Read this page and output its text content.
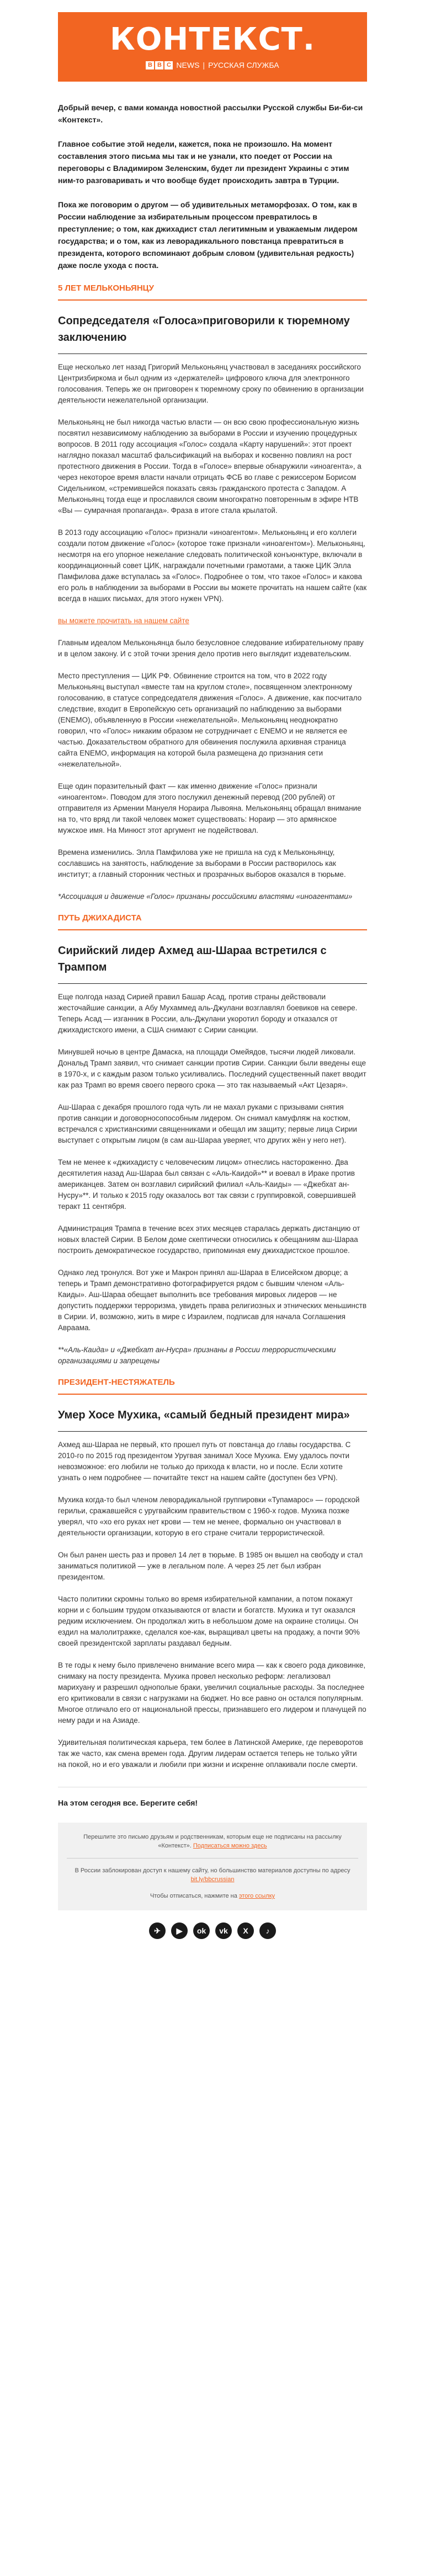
КОНТЕКСТ.
B B C NEWS | РУССКАЯ СЛУЖБА

Добрый вечер, с вами команда новостной рассылки Русской службы Би-би-си «Контекст».

Главное событие этой недели, кажется, пока не произошло. На момент составления этого письма мы так и не узнали, кто поедет от России на переговоры с Владимиром Зеленским, будет ли президент Украины с этим ним-то разговаривать и что вообще будет происходить завтра в Турции.

Пока же поговорим о другом — об удивительных метаморфозах. О том, как в России наблюдение за избирательным процессом превратилось в преступление; о том, как джихадист стал легитимным и уважаемым лидером государства; и о том, как из леворадикального повстанца превратиться в президента, которого вспоминают добрым словом (удивительная редкость) даже после ухода с поста.

5 ЛЕТ МЕЛЬКОНЬЯНЦУ
Сопредседателя «Голоса»приговорили к тюремному заключению

Еще несколько лет назад Григорий Мельконьянц участвовал в заседаниях российского Центризбиркома и был одним из «держателей» цифрового ключа для электронного голосования. Теперь же он приговорен к тюремному сроку по обвинению в организации деятельности нежелательной организации.

Мельконьянц не был никогда частью власти — он всю свою профессиональную жизнь посвятил независимому наблюдению за выборами в России и изучению процедурных вопросов. В 2011 году ассоциация «Голос» создала «Карту нарушений»: этот проект наглядно показал масштаб фальсификаций на выборах и косвенно повлиял на рост протестного движения в России. Тогда в «Голосе» впервые обнаружили «иноагента», а через некоторое время власти начали отрицать ФСБ во главе с режиссером Борисом Сидельником, «стремившейся показать связь гражданского протеста с Западом. А Мельконьянц тогда еще и прославился своим многократно повторенным в эфире НТВ «Вы — сумрачная пропаганда». Фраза в итоге стала крылатой.

В 2013 году ассоциацию «Голос» признали «иноагентом». Мельконьянц и его коллеги создали потом движение «Голос» (которое тоже признали «иноагентом»). Мельконьянц, несмотря на его упорное нежелание следовать политической конъюнктуре, включали в координационный совет ЦИК, награждали почетными грамотами, а также ЦИК Элла Памфилова даже вступалась за «Голос». Подробнее о том, что такое «Голос» и какова его роль в наблюдении за выборами в России вы можете прочитать на нашем сайте (как всегда в наших письмах, для этого нужен VPN).

вы можете прочитать на нашем сайте

Главным идеалом Мельконьянца было безусловное следование избирательному праву и в целом закону. И с этой точки зрения дело против него выглядит издевательским.

Место преступления — ЦИК РФ. Обвинение строится на том, что в 2022 году Мельконьянц выступал «вместе там на круглом столе», посвященном электронному голосованию, в статусе сопредседателя движения «Голос». А движение, как посчитало следствие, входит в Европейскую сеть организаций по наблюдению за выборами (ENEMO), объявленную в России «нежелательной». Мельконьянц неоднократно говорил, что «Голос» никаким образом не сотрудничает с ENEMO и не является ее частью. Доказательством обратного для обвинения послужила архивная страница сайта ENEMO, информация на которой была размещена до признания сети «нежелательной».

Еще один поразительный факт — как именно движение «Голос» признали «иноагентом». Поводом для этого послужил денежный перевод (200 рублей) от отправителя из Армении Мануеля Нораира Лывояна. Мельконьянц обращал внимание на то, что вряд ли такой человек может существовать: Нораир — это армянское мужское имя. На Минюст этот аргумент не подействовал.

Времена изменились. Элла Памфилова уже не пришла на суд к Мельконьянцу, сославшись на занятость, наблюдение за выборами в России растворилось как институт; а главный сторонник честных и прозрачных выборов оказался в тюрьме.

*Ассоциация и движение «Голос» признаны российскими властями «иноагентами»

ПУТЬ ДЖИХАДИСТА
Сирийский лидер Ахмед аш-Шараа встретился с Трампом

Еще полгода назад Сирией правил Башар Асад, против страны действовали жесточайшие санкции, а Абу Мухаммед аль-Джулани возглавлял боевиков на севере. Теперь Асад — изганник в России, аль-Джулани укоротил бороду и отказался от джихадистского имени, а США снимают с Сирии санкции.

Минувшей ночью в центре Дамаска, на площади Омейядов, тысячи людей ликовали. Дональд Трамп заявил, что снимает санкции против Сирии. Санкции были введены еще в 1970-х, и с каждым разом только усиливались. Последний существенный пакет вводит как раз Трамп во время своего первого срока — это так называемый «Акт Цезаря».

Аш-Шараа с декабря прошлого года чуть ли не махал руками с призывами снятия против санкции и договорносопособным лидером. Он снимал камуфляж на костюм, встречался с христианскими священниками и обещал им защиту; первые лица Сирии выступает с открытым лицом (в сам аш-Шараа уверяет, что других жён у него нет).

Тем не менее к «джихадисту с человеческим лицом» отнеслись настороженно. Два десятилетия назад Аш-Шараа был связан с «Аль-Каидой»** и воевал в Ираке против американцев. Затем он возглавил сирийский филиал «Аль-Каиды» — «Джебхат ан-Нусру»**. И только к 2015 году оказалось вот так связи с группировкой, совершившей теракт 11 сентября.

Администрация Трампа в течение всех этих месяцев старалась держать дистанцию от новых властей Сирии. В Белом доме скептически относились к обещаниям аш-Шараа построить демократическое государство, припоминая ему джихадистское прошлое.

Однако лед тронулся. Вот уже и Макрон принял аш-Шараа в Елисейском дворце; а теперь и Трамп демонстративно фотографируется рядом с бывшим членом «Аль-Каиды». Аш-Шараа обещает выполнить все требования мировых лидеров — не допустить поддержки терроризма, увидеть права религиозных и этнических меньшинств в Сирии. И, возможно, жить в мире с Израилем, подписав для начала Соглашения Авраама.

**«Аль-Каида» и «Джебхат ан-Нусра» признаны в России террористическими организациями и запрещены

ПРЕЗИДЕНТ-НЕСТЯЖАТЕЛЬ
Умер Хосе Мухика, «самый бедный президент мира»

Ахмед аш-Шараа не первый, кто прошел путь от повстанца до главы государства. С 2010-го по 2015 год президентом Уругвая занимал Хосе Мухика. Ему удалось почти невозможное: его любили не только до прихода к власти, но и после. Если хотите узнать о нем подробнее — почитайте текст на нашем сайте (доступен без VPN).

Мухика когда-то был членом леворадикальной группировки «Тупамарос» — городской герильи, сражавшейся с уругвайским правительством с 1960-х годов. Мухика позже уверял, что «хо его руках нет крови — тем не менее, формально он участвовал в деятельности организации, которую в его стране считали террористической.

Он был ранен шесть раз и провел 14 лет в тюрьме. В 1985 он вышел на свободу и стал заниматься политикой — уже в легальном поле. А через 25 лет был избран президентом.

Часто политики скромны только во время избирательной кампании, а потом покажут корни и с большим трудом отказываются от власти и богатств. Мухика и тут оказался редким исключением. Он продолжал жить в небольшом доме на окраине столицы. Он ездил на малолитражке, сделался кое-как, выращивал цветы на продажу, а почти 90% своей президентской зарплаты раздавал бедным.

В те годы к нему было привлечено внимание всего мира — как к своего рода диковинке, снимаку на посту президента. Мухика провел несколько реформ: легализовал марихуану и разрешил однополые браки, увеличил социальные расходы. За последнее его критиковали в связи с нагрузками на бюджет. Но все равно он остался популярным. Многое отличало его от национальной прессы, признавшего его лидером и плачущей по нему ради и на Азиаде.

Удивительная политическая карьера, тем более в Латинской Америке, где переворотов так же часто, как смена времен года. Другим лидерам остается теперь не только уйти на покой, но и его уважали и любили при жизни и искренне оплакивали после смерти.

На этом сегодня все. Берегите себя!

Перешлите это письмо друзьям и родственникам, которым еще не подписаны на рассылку «Контекст». Подписаться можно здесь

В России заблокирован доступ к нашему сайту, но большинство материалов доступны по адресу bit.ly/bbcrussian

Чтобы отписаться, нажмите на этого ссылку

✈	▶	ok	vk	X	♪
